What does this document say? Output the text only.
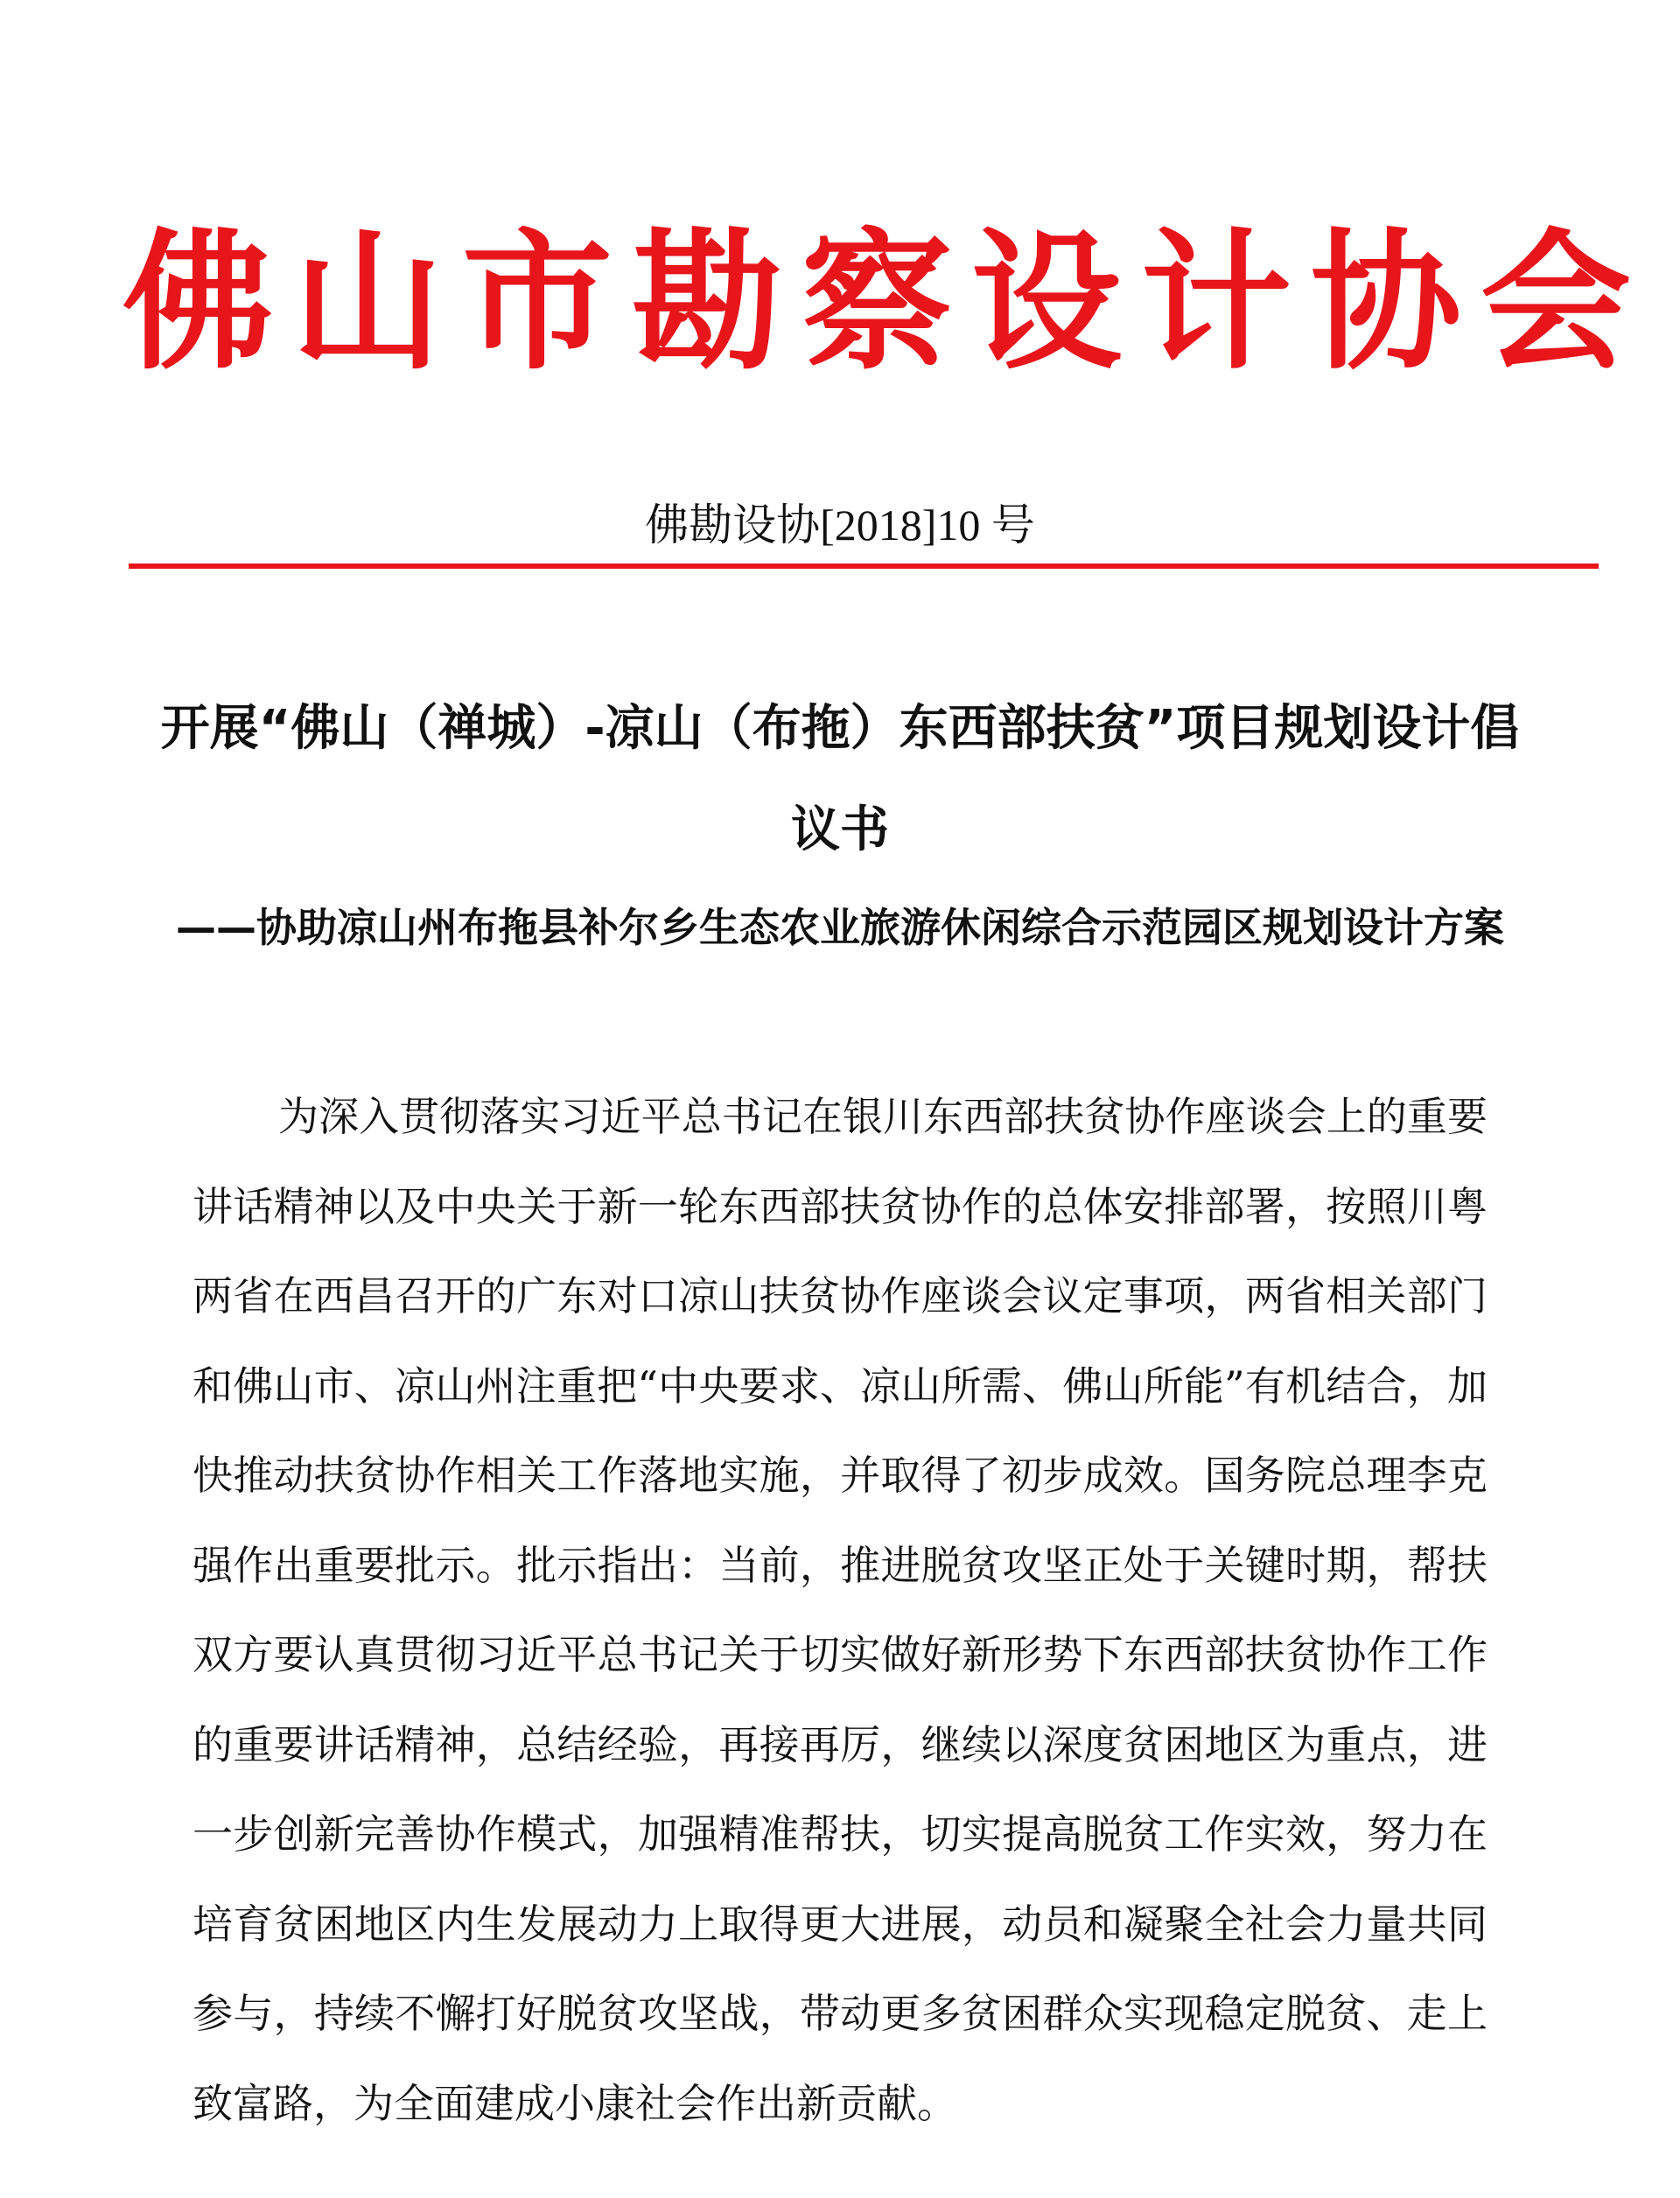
佛山市勘察设计协会
佛勘设协[2018]10 号
开展“佛山（禅城）-凉山（布拖）东西部扶贫”项目规划设计倡议书
——协助凉山州布拖县补尔乡生态农业旅游休闲综合示范园区规划设计方案

为深入贯彻落实习近平总书记在银川东西部扶贫协作座谈会上的重要讲话精神以及中央关于新一轮东西部扶贫协作的总体安排部署，按照川粤两省在西昌召开的广东对口凉山扶贫协作座谈会议定事项，两省相关部门和佛山市、凉山州注重把“中央要求、凉山所需、佛山所能”有机结合，加快推动扶贫协作相关工作落地实施，并取得了初步成效。国务院总理李克强作出重要批示。批示指出：当前，推进脱贫攻坚正处于关键时期，帮扶双方要认真贯彻习近平总书记关于切实做好新形势下东西部扶贫协作工作的重要讲话精神，总结经验，再接再厉，继续以深度贫困地区为重点，进一步创新完善协作模式，加强精准帮扶，切实提高脱贫工作实效，努力在培育贫困地区内生发展动力上取得更大进展，动员和凝聚全社会力量共同参与，持续不懈打好脱贫攻坚战，带动更多贫困群众实现稳定脱贫、走上致富路，为全面建成小康社会作出新贡献。
